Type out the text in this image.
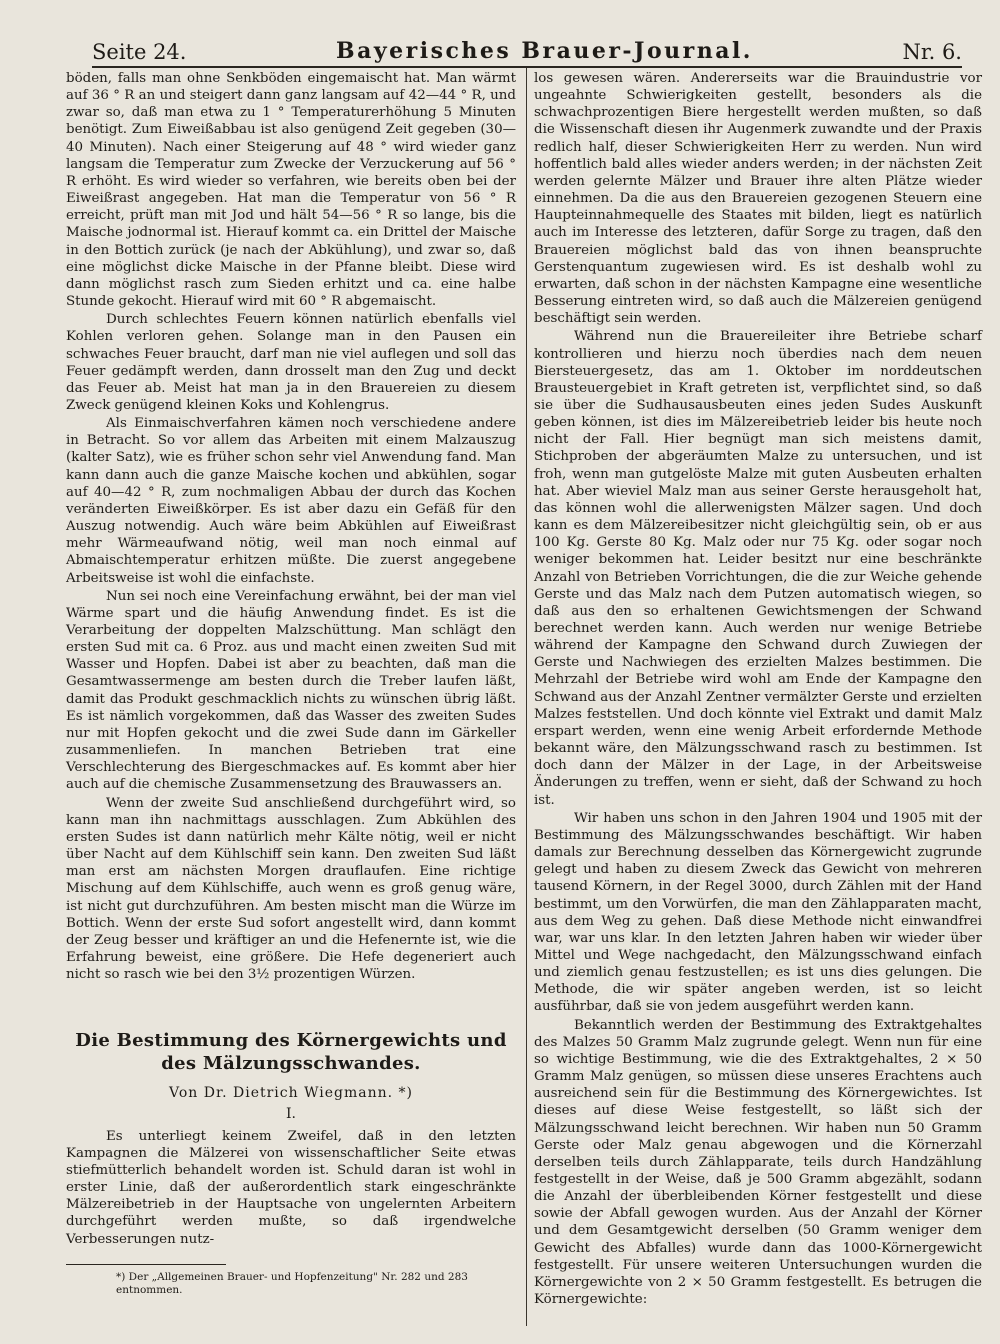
Seite 24.	Bayerisches Brauer-Journal.	Nr. 6.

böden, falls man ohne Senkböden eingemaischt hat. Man wärmt auf 36 ° R an und steigert dann ganz langsam auf 42—44 ° R, und zwar so, daß man etwa zu 1 ° Temperaturerhöhung 5 Minuten benötigt. Zum Eiweißabbau ist also genügend Zeit gegeben (30—40 Minuten). Nach einer Steigerung auf 48 ° wird wieder ganz langsam die Temperatur zum Zwecke der Verzuckerung auf 56 ° R erhöht. Es wird wieder so verfahren, wie bereits oben bei der Eiweißrast angegeben. Hat man die Temperatur von 56 ° R erreicht, prüft man mit Jod und hält 54—56 ° R so lange, bis die Maische jodnormal ist. Hierauf kommt ca. ein Drittel der Maische in den Bottich zurück (je nach der Abkühlung), und zwar so, daß eine möglichst dicke Maische in der Pfanne bleibt. Diese wird dann möglichst rasch zum Sieden erhitzt und ca. eine halbe Stunde gekocht. Hierauf wird mit 60 ° R abgemaischt.

Durch schlechtes Feuern können natürlich ebenfalls viel Kohlen verloren gehen. Solange man in den Pausen ein schwaches Feuer braucht, darf man nie viel auflegen und soll das Feuer gedämpft werden, dann drosselt man den Zug und deckt das Feuer ab. Meist hat man ja in den Brauereien zu diesem Zweck genügend kleinen Koks und Kohlengrus.

Als Einmaischverfahren kämen noch verschiedene andere in Betracht. So vor allem das Arbeiten mit einem Malzauszug (kalter Satz), wie es früher schon sehr viel Anwendung fand. Man kann dann auch die ganze Maische kochen und abkühlen, sogar auf 40—42 ° R, zum nochmaligen Abbau der durch das Kochen veränderten Eiweißkörper. Es ist aber dazu ein Gefäß für den Auszug notwendig. Auch wäre beim Abkühlen auf Eiweißrast mehr Wärmeaufwand nötig, weil man noch einmal auf Abmaischtemperatur erhitzen müßte. Die zuerst angegebene Arbeitsweise ist wohl die einfachste.

Nun sei noch eine Vereinfachung erwähnt, bei der man viel Wärme spart und die häufig Anwendung findet. Es ist die Verarbeitung der doppelten Malzschüttung. Man schlägt den ersten Sud mit ca. 6 Proz. aus und macht einen zweiten Sud mit Wasser und Hopfen. Dabei ist aber zu beachten, daß man die Gesamtwassermenge am besten durch die Treber laufen läßt, damit das Produkt geschmacklich nichts zu wünschen übrig läßt. Es ist nämlich vorgekommen, daß das Wasser des zweiten Sudes nur mit Hopfen gekocht und die zwei Sude dann im Gärkeller zusammenliefen. In manchen Betrieben trat eine Verschlechterung des Biergeschmackes auf. Es kommt aber hier auch auf die chemische Zusammensetzung des Brauwassers an.

Wenn der zweite Sud anschließend durchgeführt wird, so kann man ihn nachmittags ausschlagen. Zum Abkühlen des ersten Sudes ist dann natürlich mehr Kälte nötig, weil er nicht über Nacht auf dem Kühlschiff sein kann. Den zweiten Sud läßt man erst am nächsten Morgen drauflaufen. Eine richtige Mischung auf dem Kühlschiffe, auch wenn es groß genug wäre, ist nicht gut durchzuführen. Am besten mischt man die Würze im Bottich. Wenn der erste Sud sofort angestellt wird, dann kommt der Zeug besser und kräftiger an und die Hefenernte ist, wie die Erfahrung beweist, eine größere. Die Hefe degeneriert auch nicht so rasch wie bei den 3½ prozentigen Würzen.

Die Bestimmung des Körnergewichts und des Mälzungsschwandes.
Von Dr. Dietrich Wiegmann. *)
I.

Es unterliegt keinem Zweifel, daß in den letzten Kampagnen die Mälzerei von wissenschaftlicher Seite etwas stiefmütterlich behandelt worden ist. Schuld daran ist wohl in erster Linie, daß der außerordentlich stark eingeschränkte Mälzereibetrieb in der Hauptsache von ungelernten Arbeitern durchgeführt werden mußte, so daß irgendwelche Verbesserungen nutz-

*) Der „Allgemeinen Brauer- und Hopfenzeitung" Nr. 282 und 283 entnommen.

los gewesen wären. Andererseits war die Brauindustrie vor ungeahnte Schwierigkeiten gestellt, besonders als die schwachprozentigen Biere hergestellt werden mußten, so daß die Wissenschaft diesen ihr Augenmerk zuwandte und der Praxis redlich half, dieser Schwierigkeiten Herr zu werden. Nun wird hoffentlich bald alles wieder anders werden; in der nächsten Zeit werden gelernte Mälzer und Brauer ihre alten Plätze wieder einnehmen. Da die aus den Brauereien gezogenen Steuern eine Haupteinnahmequelle des Staates mit bilden, liegt es natürlich auch im Interesse des letzteren, dafür Sorge zu tragen, daß den Brauereien möglichst bald das von ihnen beanspruchte Gerstenquantum zugewiesen wird. Es ist deshalb wohl zu erwarten, daß schon in der nächsten Kampagne eine wesentliche Besserung eintreten wird, so daß auch die Mälzereien genügend beschäftigt sein werden.

Während nun die Brauereileiter ihre Betriebe scharf kontrollieren und hierzu noch überdies nach dem neuen Biersteuergesetz, das am 1. Oktober im norddeutschen Brausteuergebiet in Kraft getreten ist, verpflichtet sind, so daß sie über die Sudhausausbeuten eines jeden Sudes Auskunft geben können, ist dies im Mälzereibetrieb leider bis heute noch nicht der Fall. Hier begnügt man sich meistens damit, Stichproben der abgeräumten Malze zu untersuchen, und ist froh, wenn man gutgelöste Malze mit guten Ausbeuten erhalten hat. Aber wieviel Malz man aus seiner Gerste herausgeholt hat, das können wohl die allerwenigsten Mälzer sagen. Und doch kann es dem Mälzereibesitzer nicht gleichgültig sein, ob er aus 100 Kg. Gerste 80 Kg. Malz oder nur 75 Kg. oder sogar noch weniger bekommen hat. Leider besitzt nur eine beschränkte Anzahl von Betrieben Vorrichtungen, die die zur Weiche gehende Gerste und das Malz nach dem Putzen automatisch wiegen, so daß aus den so erhaltenen Gewichtsmengen der Schwand berechnet werden kann. Auch werden nur wenige Betriebe während der Kampagne den Schwand durch Zuwiegen der Gerste und Nachwiegen des erzielten Malzes bestimmen. Die Mehrzahl der Betriebe wird wohl am Ende der Kampagne den Schwand aus der Anzahl Zentner vermälzter Gerste und erzielten Malzes feststellen. Und doch könnte viel Extrakt und damit Malz erspart werden, wenn eine wenig Arbeit erfordernde Methode bekannt wäre, den Mälzungsschwand rasch zu bestimmen. Ist doch dann der Mälzer in der Lage, in der Arbeitsweise Änderungen zu treffen, wenn er sieht, daß der Schwand zu hoch ist.

Wir haben uns schon in den Jahren 1904 und 1905 mit der Bestimmung des Mälzungsschwandes beschäftigt. Wir haben damals zur Berechnung desselben das Körnergewicht zugrunde gelegt und haben zu diesem Zweck das Gewicht von mehreren tausend Körnern, in der Regel 3000, durch Zählen mit der Hand bestimmt, um den Vorwürfen, die man den Zählapparaten macht, aus dem Weg zu gehen. Daß diese Methode nicht einwandfrei war, war uns klar. In den letzten Jahren haben wir wieder über Mittel und Wege nachgedacht, den Mälzungsschwand einfach und ziemlich genau festzustellen; es ist uns dies gelungen. Die Methode, die wir später angeben werden, ist so leicht ausführbar, daß sie von jedem ausgeführt werden kann.

Bekanntlich werden der Bestimmung des Extraktgehaltes des Malzes 50 Gramm Malz zugrunde gelegt. Wenn nun für eine so wichtige Bestimmung, wie die des Extraktgehaltes, 2 × 50 Gramm Malz genügen, so müssen diese unseres Erachtens auch ausreichend sein für die Bestimmung des Körnergewichtes. Ist dieses auf diese Weise festgestellt, so läßt sich der Mälzungsschwand leicht berechnen. Wir haben nun 50 Gramm Gerste oder Malz genau abgewogen und die Körnerzahl derselben teils durch Zählapparate, teils durch Handzählung festgestellt in der Weise, daß je 500 Gramm abgezählt, sodann die Anzahl der überbleibenden Körner festgestellt und diese sowie der Abfall gewogen wurden. Aus der Anzahl der Körner und dem Gesamtgewicht derselben (50 Gramm weniger dem Gewicht des Abfalles) wurde dann das 1000-Körnergewicht festgestellt. Für unsere weiteren Untersuchungen wurden die Körnergewichte von 2 × 50 Gramm festgestellt. Es betrugen die Körnergewichte:
